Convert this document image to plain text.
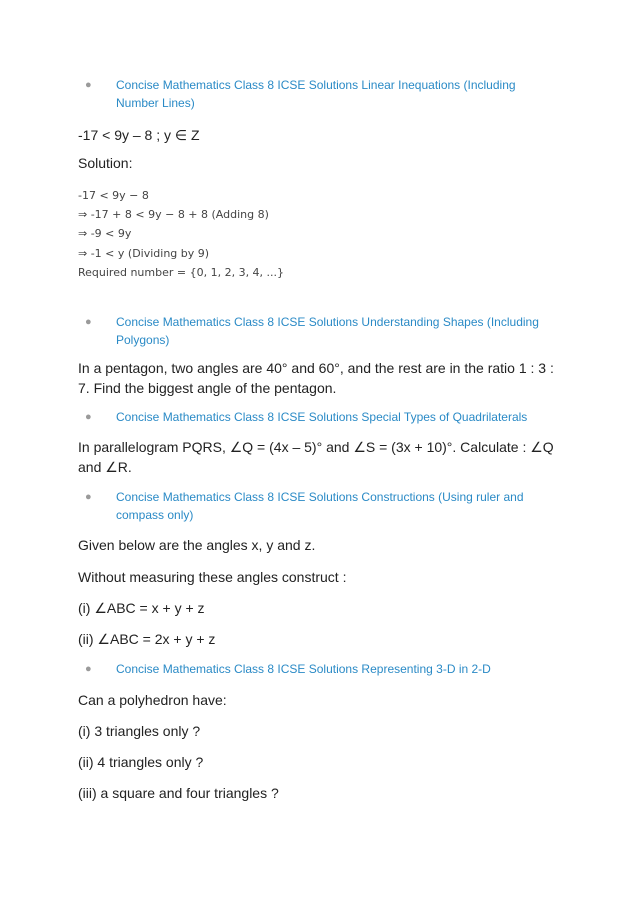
● Concise Mathematics Class 8 ICSE Solutions Linear Inequations (Including
Number Lines)
-17 < 9y – 8 ; y ∈ Z
Solution:
● Concise Mathematics Class 8 ICSE Solutions Understanding Shapes (Including
Polygons)
In a pentagon, two angles are 40° and 60°, and the rest are in the ratio 1 : 3 :
7. Find the biggest angle of the pentagon.
● Concise Mathematics Class 8 ICSE Solutions Special Types of Quadrilaterals
In parallelogram PQRS, ∠Q = (4x – 5)° and ∠S = (3x + 10)°. Calculate : ∠Q
and ∠R.
● Concise Mathematics Class 8 ICSE Solutions Constructions (Using ruler and
compass only)
Given below are the angles x, y and z.
Without measuring these angles construct :
(i) ∠ABC = x + y + z
(ii) ∠ABC = 2x + y + z
● Concise Mathematics Class 8 ICSE Solutions Representing 3-D in 2-D
Can a polyhedron have:
(i) 3 triangles only ?
(ii) 4 triangles only ?
(iii) a square and four triangles ?
-17 < 9y − 8
⇒ -17 + 8 < 9y − 8 + 8 (Adding 8)
⇒ -9 < 9y
⇒ -1 < y (Dividing by 9)
Required number = {0, 1, 2, 3, 4, ...}
